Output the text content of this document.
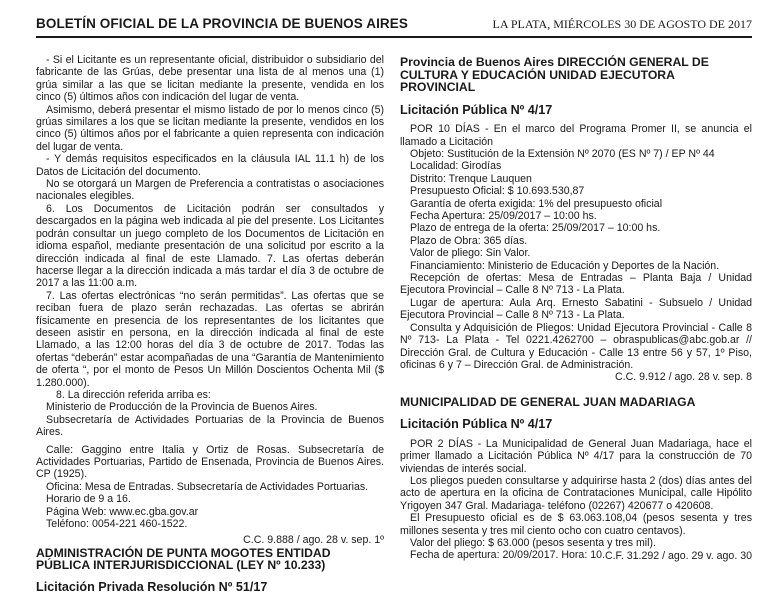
BOLETÍN OFICIAL DE LA PROVINCIA DE BUENOS AIRES	LA PLATA, MIÉRCOLES 30 DE AGOSTO DE 2017

- Si el Licitante es un representante oficial, distribuidor o subsidiario del fabricante de las Grúas, debe presentar una lista de al menos una (1) grúa similar a las que se licitan mediante la presente, vendida en los cinco (5) últimos años con indicación del lugar de venta.

Asimismo, deberá presentar el mismo listado de por lo menos cinco (5) grúas similares a los que se licitan mediante la presente, vendidos en los cinco (5) últimos años por el fabricante a quien representa con indicación del lugar de venta.

- Y demás requisitos especificados en la cláusula IAL 11.1 h) de los Datos de Licitación del documento.

No se otorgará un Margen de Preferencia a contratistas o asociaciones nacionales elegibles.

6. Los Documentos de Licitación podrán ser consultados y descargados en la página web indicada al pie del presente. Los Licitantes podrán consultar un juego completo de los Documentos de Licitación en idioma español, mediante presentación de una solicitud por escrito a la dirección indicada al final de este Llamado. 7. Las ofertas deberán hacerse llegar a la dirección indicada a más tardar el día 3 de octubre de 2017 a las 11:00 a.m.

7. Las ofertas electrónicas “no serán permitidas”. Las ofertas que se reciban fuera de plazo serán rechazadas. Las ofertas se abrirán físicamente en presencia de los representantes de los licitantes que deseen asistir en persona, en la dirección indicada al final de este Llamado, a las 12:00 horas del día 3 de octubre de 2017. Todas las ofertas “deberán” estar acompañadas de una “Garantía de Mantenimiento de oferta “, por el monto de Pesos Un Millón Doscientos Ochenta Mil ($ 1.280.000).

8. La dirección referida arriba es:

Ministerio de Producción de la Provincia de Buenos Aires.

Subsecretaría de Actividades Portuarias de la Provincia de Buenos Aires.

Calle: Gaggino entre Italia y Ortiz de Rosas. Subsecretaría de Actividades Portuarias, Partido de Ensenada, Provincia de Buenos Aires. CP (1925).

Oficina: Mesa de Entradas. Subsecretaría de Actividades Portuarias.

Horario de 9 a 16.

Página Web: www.ec.gba.gov.ar

Teléfono: 0054-221 460-1522.

C.C. 9.888 / ago. 28 v. sep. 1º

ADMINISTRACIÓN DE PUNTA MOGOTES ENTIDAD PÚBLICA INTERJURISDICCIONAL (LEY Nº 10.233)

Licitación Privada Resolución Nº 51/17

Provincia de Buenos Aires DIRECCIÓN GENERAL DE CULTURA Y EDUCACIÓN UNIDAD EJECUTORA PROVINCIAL

Licitación Pública Nº 4/17

POR 10 DÍAS - En el marco del Programa Promer II, se anuncia el llamado a Licitación

Objeto: Sustitución de la Extensión Nº 2070 (ES Nº 7) / EP Nº 44

Localidad: Girodías

Distrito: Trenque Lauquen

Presupuesto Oficial: $ 10.693.530,87

Garantía de oferta exigida: 1% del presupuesto oficial

Fecha Apertura: 25/09/2017 – 10:00 hs.

Plazo de entrega de la oferta: 25/09/2017 – 10:00 hs.

Plazo de Obra: 365 días.

Valor de pliego: Sin Valor.

Financiamiento: Ministerio de Educación y Deportes de la Nación.

Recepción de ofertas: Mesa de Entradas – Planta Baja / Unidad Ejecutora Provincial – Calle 8 Nº 713 - La Plata.

Lugar de apertura: Aula Arq. Ernesto Sabatini - Subsuelo / Unidad Ejecutora Provincial – Calle 8 Nº 713 - La Plata.

Consulta y Adquisición de Pliegos: Unidad Ejecutora Provincial - Calle 8 Nº 713- La Plata - Tel 0221.4262700 – obraspublicas@abc.gob.ar // Dirección Gral. de Cultura y Educación - Calle 13 entre 56 y 57, 1º Piso, oficinas 6 y 7 – Dirección Gral. de Administración.

C.C. 9.912 / ago. 28 v. sep. 8

MUNICIPALIDAD DE GENERAL JUAN MADARIAGA

Licitación Pública Nº 4/17

POR 2 DÍAS - La Municipalidad de General Juan Madariaga, hace el primer llamado a Licitación Pública Nº 4/17 para la construcción de 70 viviendas de interés social.

Los pliegos pueden consultarse y adquirirse hasta 2 (dos) días antes del acto de apertura en la oficina de Contrataciones Municipal, calle Hipólito Yrigoyen 347 Gral. Madariaga- teléfono (02267) 420677 o 420608.

El Presupuesto oficial es de $ 63.063.108,04 (pesos sesenta y tres millones sesenta y tres mil ciento ocho con cuatro centavos).

Valor del pliego: $ 63.000 (pesos sesenta y tres mil).

Fecha de apertura: 20/09/2017. Hora: 10. C.F. 31.292 / ago. 29 v. ago. 30
